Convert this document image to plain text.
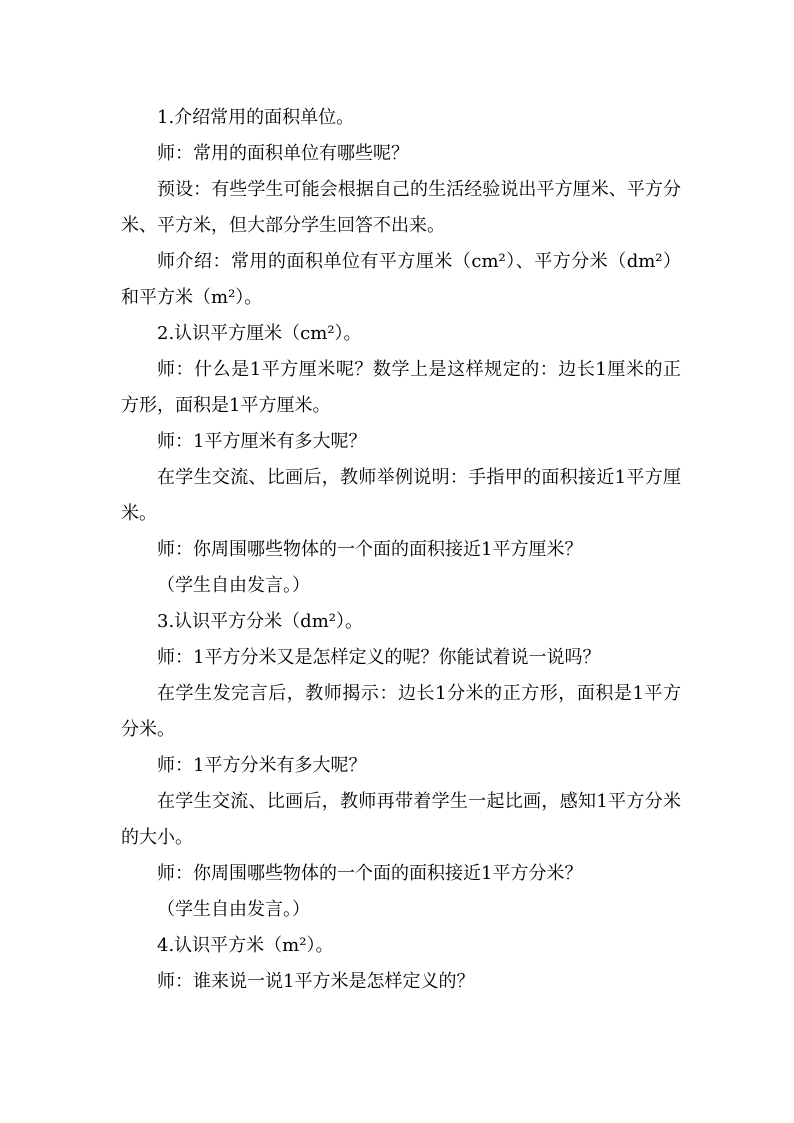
1.介绍常用的面积单位。

师：常用的面积单位有哪些呢？

预设：有些学生可能会根据自己的生活经验说出平方厘米、平方分米、平方米，但大部分学生回答不出来。

师介绍：常用的面积单位有平方厘米（cm²）、平方分米（dm²）和平方米（m²）。

2.认识平方厘米（cm²）。

师：什么是1平方厘米呢？数学上是这样规定的：边长1厘米的正方形，面积是1平方厘米。

师：1平方厘米有多大呢？

在学生交流、比画后，教师举例说明：手指甲的面积接近1平方厘米。

师：你周围哪些物体的一个面的面积接近1平方厘米？

（学生自由发言。）

3.认识平方分米（dm²）。

师：1平方分米又是怎样定义的呢？你能试着说一说吗？

在学生发完言后，教师揭示：边长1分米的正方形，面积是1平方分米。

师：1平方分米有多大呢？

在学生交流、比画后，教师再带着学生一起比画，感知1平方分米的大小。

师：你周围哪些物体的一个面的面积接近1平方分米？

（学生自由发言。）

4.认识平方米（m²）。

师：谁来说一说1平方米是怎样定义的？
